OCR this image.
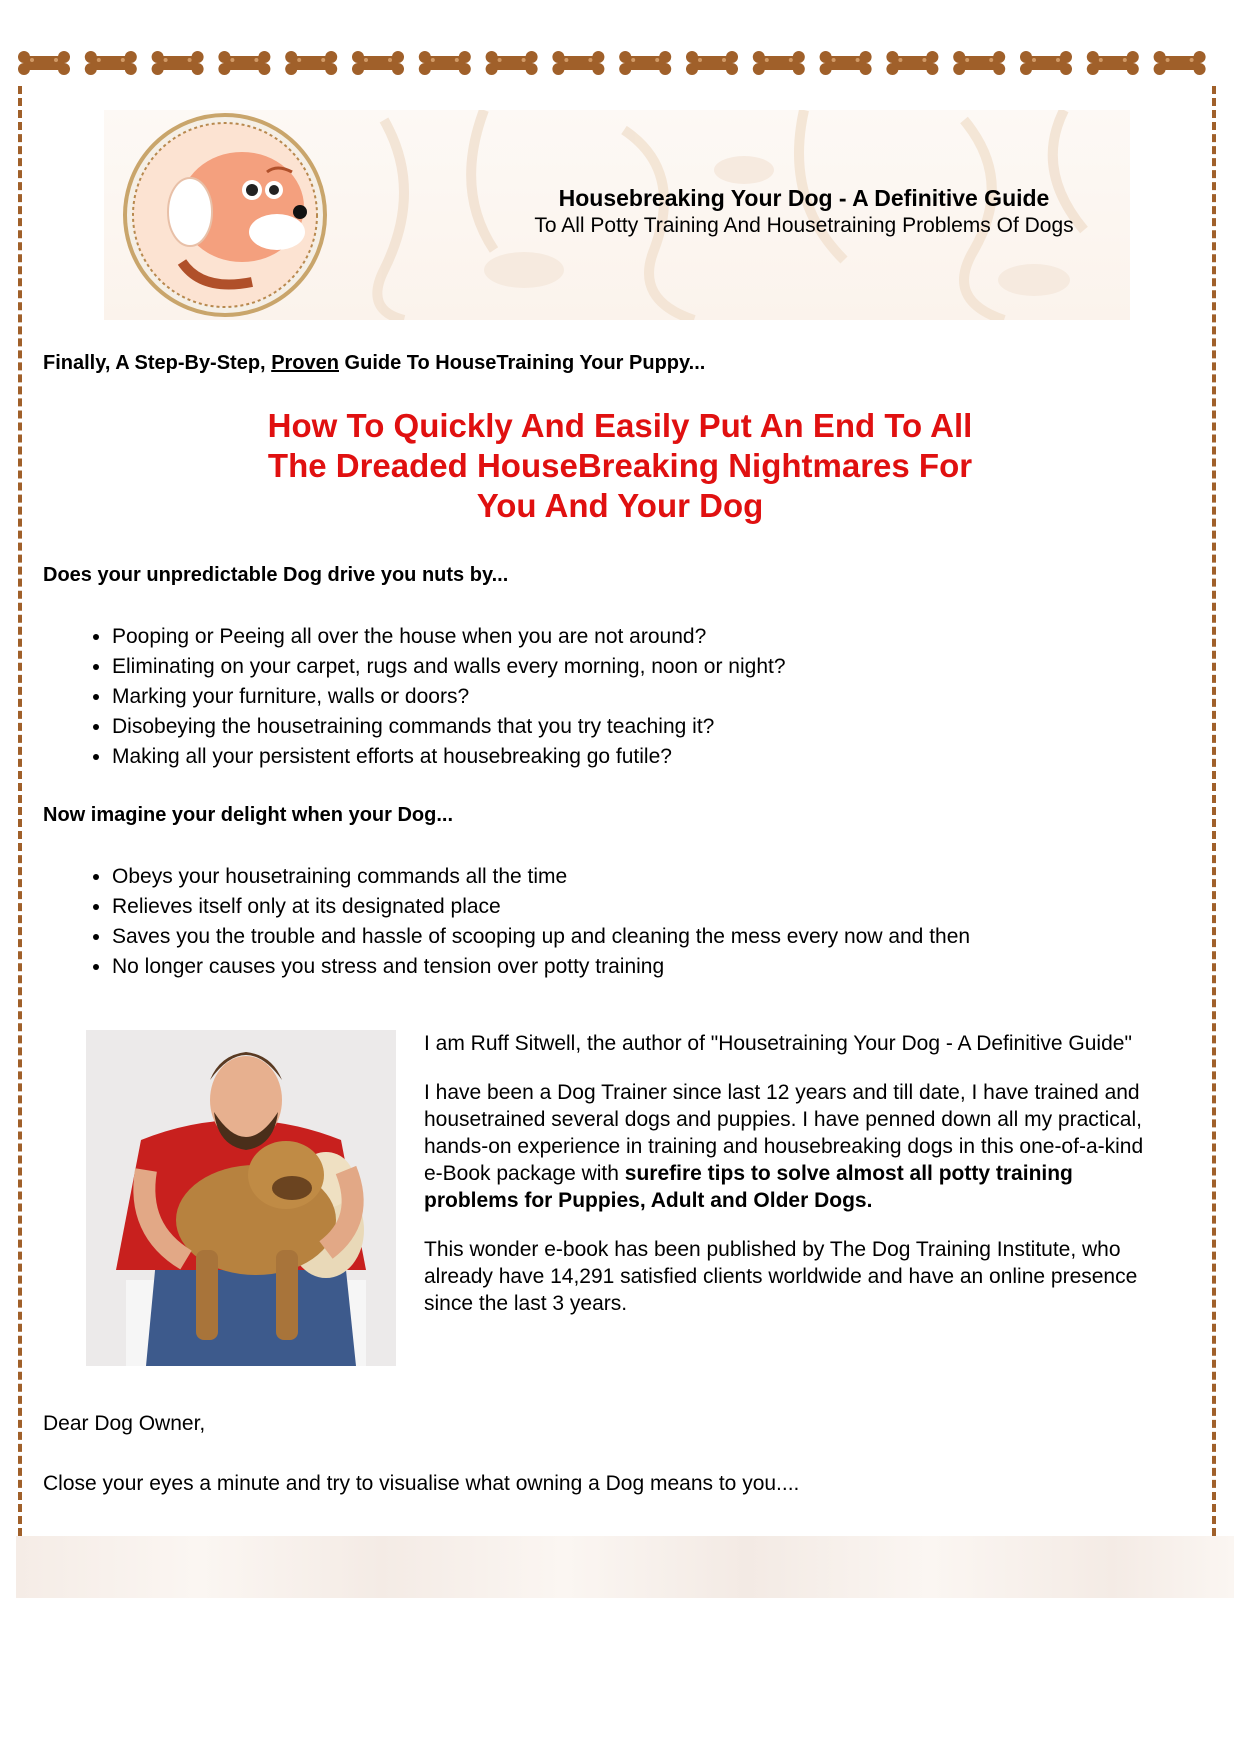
Housebreaking Your Dog - A Definitive Guide
To All Potty Training And Housetraining Problems Of Dogs
Finally, A Step-By-Step, Proven Guide To HouseTraining Your Puppy...
How To Quickly And Easily Put An End To All
The Dreaded HouseBreaking Nightmares For
You And Your Dog
Does your unpredictable Dog drive you nuts by...
• Pooping or Peeing all over the house when you are not around?
• Eliminating on your carpet, rugs and walls every morning, noon or night?
• Marking your furniture, walls or doors?
• Disobeying the housetraining commands that you try teaching it?
• Making all your persistent efforts at housebreaking go futile?
Now imagine your delight when your Dog...
• Obeys your housetraining commands all the time
• Relieves itself only at its designated place
• Saves you the trouble and hassle of scooping up and cleaning the mess every now and then
• No longer causes you stress and tension over potty training

I am Ruff Sitwell, the author of "Housetraining Your Dog - A Definitive Guide"

I have been a Dog Trainer since last 12 years and till date, I have trained and housetrained several dogs and puppies. I have penned down all my practical, hands-on experience in training and housebreaking dogs in this one-of-a-kind e-Book package with surefire tips to solve almost all potty training problems for Puppies, Adult and Older Dogs.

This wonder e-book has been published by The Dog Training Institute, who already have 14,291 satisfied clients worldwide and have an online presence since the last 3 years.

Dear Dog Owner,
Close your eyes a minute and try to visualise what owning a Dog means to you....
